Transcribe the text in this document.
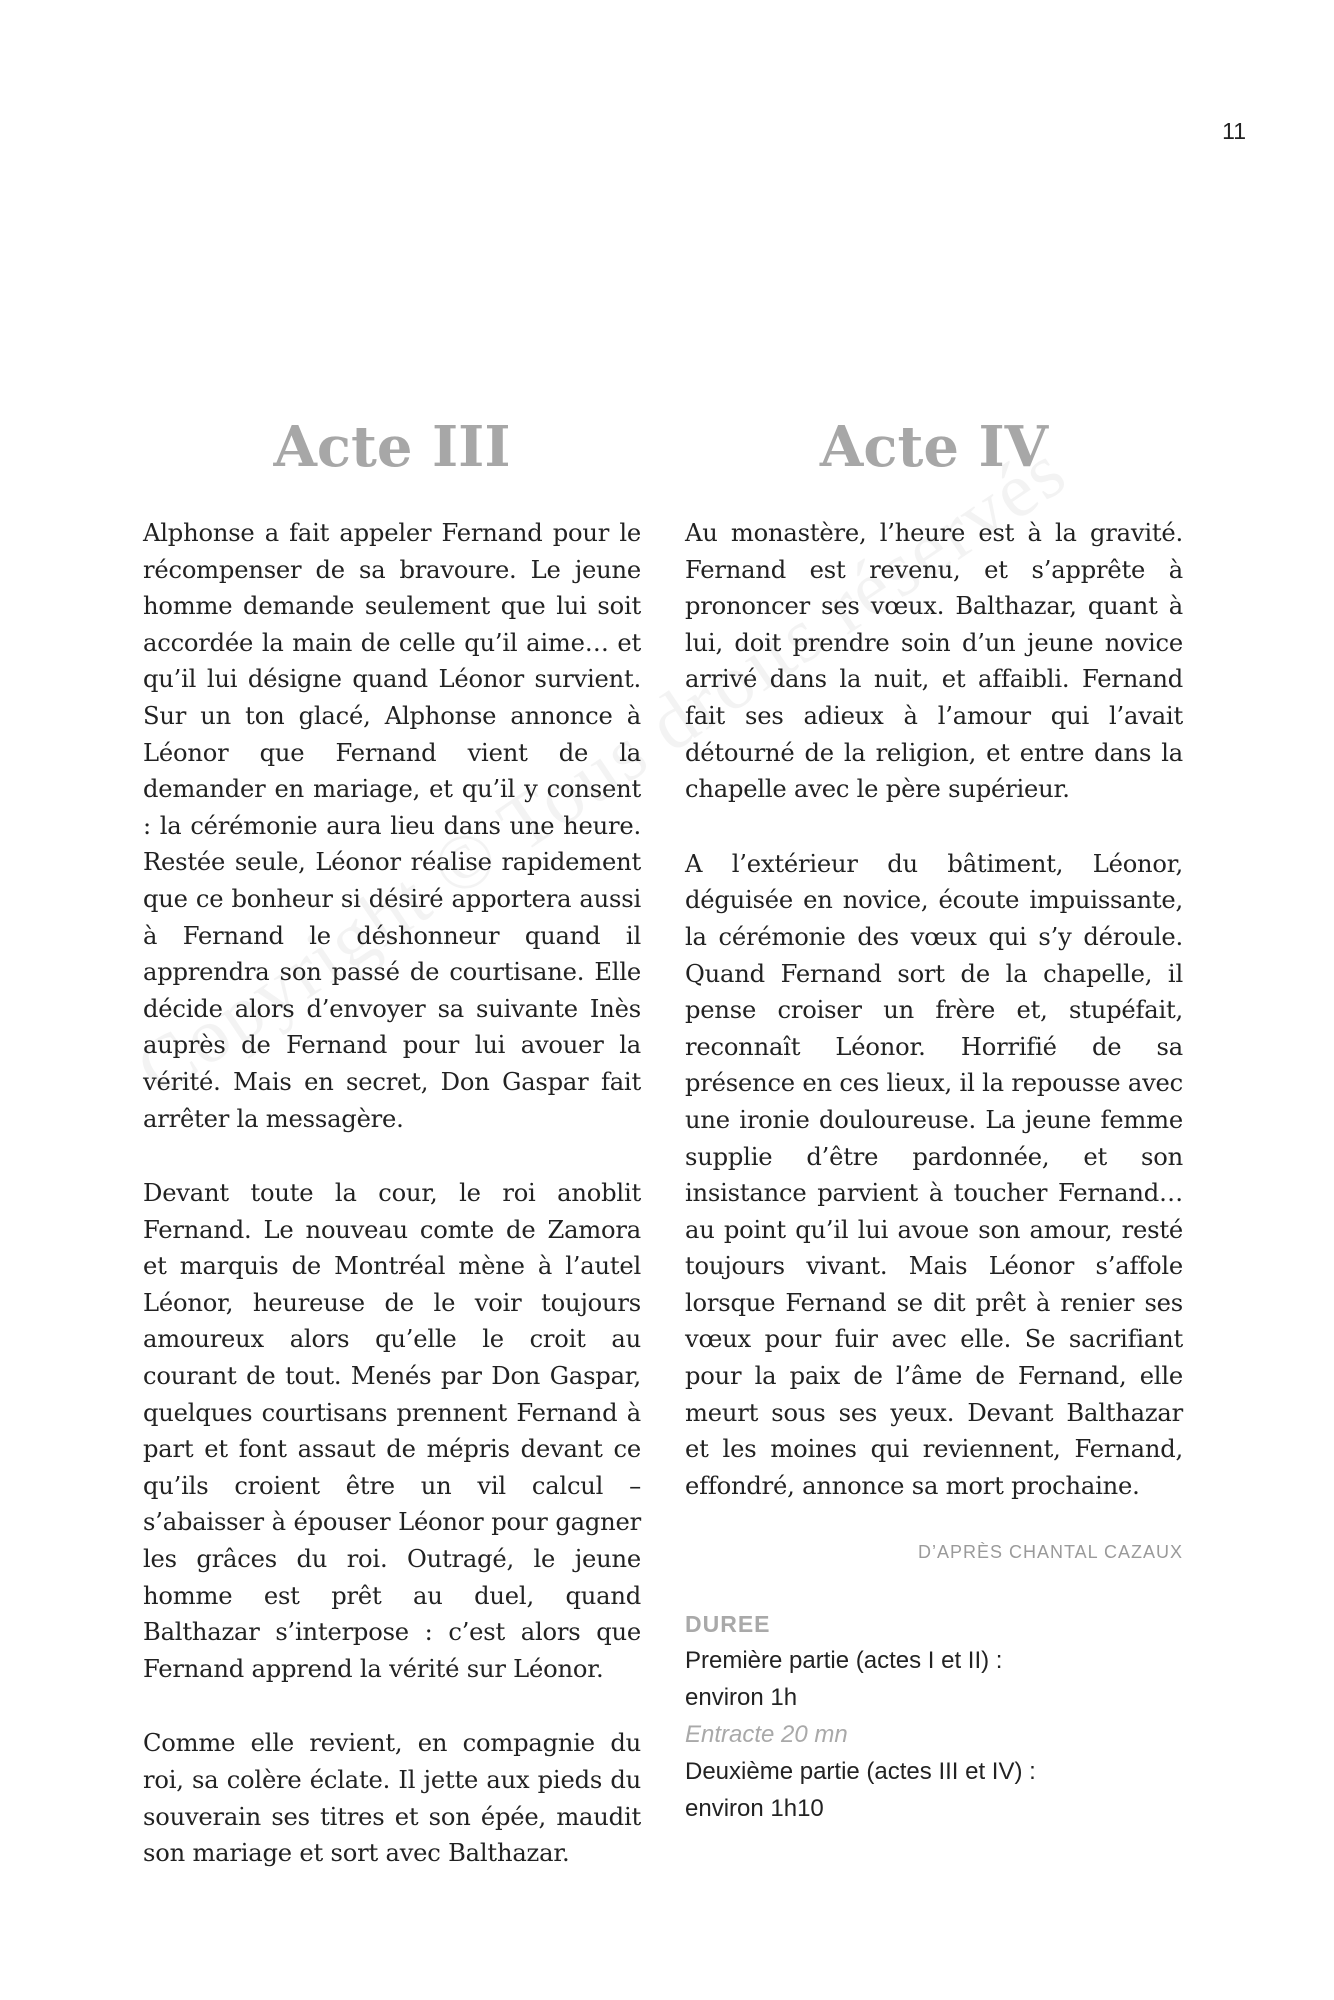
11
Acte III

Alphonse a fait appeler Fernand pour le récompenser de sa bravoure. Le jeune homme demande seulement que lui soit accordée la main de celle qu’il aime… et qu’il lui désigne quand Léonor survient. Sur un ton glacé, Alphonse annonce à Léonor que Fernand vient de la demander en mariage, et qu’il y consent : la cérémonie aura lieu dans une heure. Restée seule, Léonor réalise rapidement que ce bonheur si désiré apportera aussi à Fernand le déshonneur quand il apprendra son passé de courtisane. Elle décide alors d’envoyer sa suivante Inès auprès de Fernand pour lui avouer la vérité. Mais en secret, Don Gaspar fait arrêter la messagère.

Devant toute la cour, le roi anoblit Fernand. Le nouveau comte de Zamora et marquis de Montréal mène à l’autel Léonor, heureuse de le voir toujours amoureux alors qu’elle le croit au courant de tout. Menés par Don Gaspar, quelques courtisans prennent Fernand à part et font assaut de mépris devant ce qu’ils croient être un vil calcul – s’abaisser à épouser Léonor pour gagner les grâces du roi. Outragé, le jeune homme est prêt au duel, quand Balthazar s’interpose : c’est alors que Fernand apprend la vérité sur Léonor.

Comme elle revient, en compagnie du roi, sa colère éclate. Il jette aux pieds du souverain ses titres et son épée, maudit son mariage et sort avec Balthazar.

Acte IV

Au monastère, l’heure est à la gravité. Fernand est revenu, et s’apprête à prononcer ses vœux. Balthazar, quant à lui, doit prendre soin d’un jeune novice arrivé dans la nuit, et affaibli. Fernand fait ses adieux à l’amour qui l’avait détourné de la religion, et entre dans la chapelle avec le père supérieur.

A l’extérieur du bâtiment, Léonor, déguisée en novice, écoute impuissante, la cérémonie des vœux qui s’y déroule. Quand Fernand sort de la chapelle, il pense croiser un frère et, stupéfait, reconnaît Léonor. Horrifié de sa présence en ces lieux, il la repousse avec une ironie douloureuse. La jeune femme supplie d’être pardonnée, et son insistance parvient à toucher Fernand… au point qu’il lui avoue son amour, resté toujours vivant. Mais Léonor s’affole lorsque Fernand se dit prêt à renier ses vœux pour fuir avec elle. Se sacrifiant pour la paix de l’âme de Fernand, elle meurt sous ses yeux. Devant Balthazar et les moines qui reviennent, Fernand, effondré, annonce sa mort prochaine.

D’APRÈS CHANTAL CAZAUX
DUREE

Première partie (actes I et II) :

environ 1h

Entracte 20 mn

Deuxième partie (actes III et IV) :

environ 1h10
